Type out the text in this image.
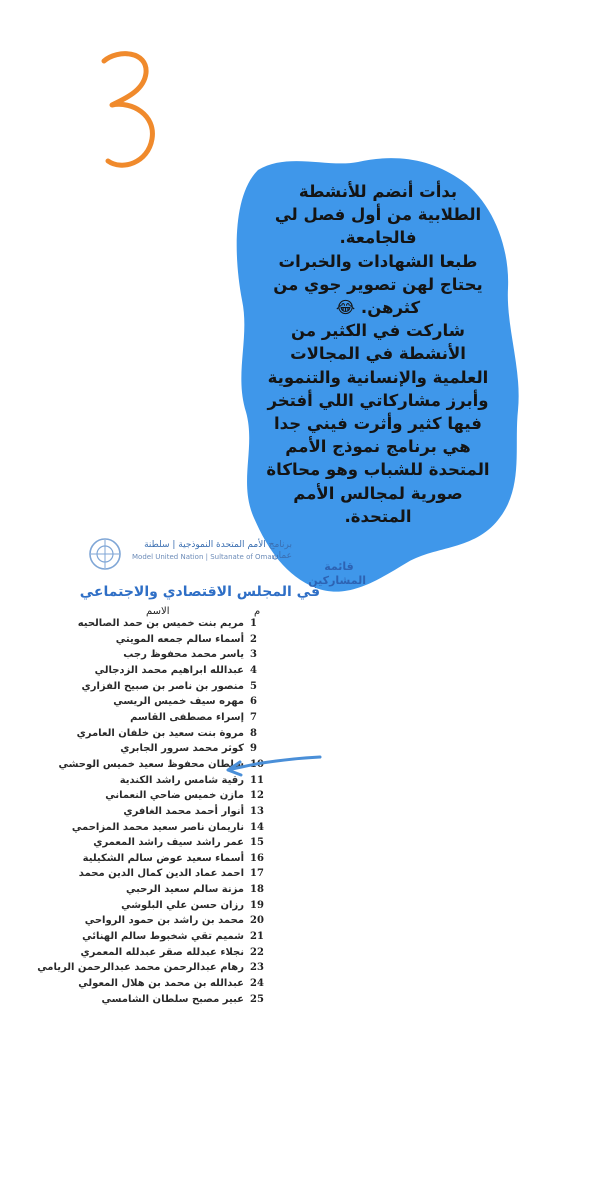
بدأت أنضم للأنشطة
الطلابية من أول فصل لي
فالجامعة.
طبعا الشهادات والخبرات
يحتاج لهن تصوير جوي من
كثرهن. 😂
شاركت في الكثير من
الأنشطة في المجالات
العلمية والإنسانية والتنموية
وأبرز مشاركاتي اللي أفتخر
فيها كثير وأثرت فيني جدا
هي برنامج نموذج الأمم
المتحدة للشباب وهو محاكاة
صورية لمجالس الأمم
المتحدة.
برنامج الأمم المتحدة النموذجية | سلطنة عمان
Model United Nation | Sultanate of Oman
قائمة
المشاركين
في المجلس الاقتصادي والاجتماعي
م
الاسم
1
مريم بنت خميس بن حمد الصالحيه
2
أسماء سالم جمعه المويتي
3
ياسر محمد محفوظ رجب
4
عبدالله ابراهيم محمد الزدجالي
5
منصور بن ناصر بن صبيح الفزاري
6
مهره سيف خميس الريسي
7
إسراء مصطفى القاسم
8
مروة بنت سعيد بن خلفان العامري
9
كوثر محمد سرور الجابري
10
سلطان محفوظ سعيد خميس الوحشي
11
رقية شامس راشد الكندية
12
مازن خميس ضاحي النعماني
13
أنوار أحمد محمد الغافري
14
ناريمان ناصر سعيد محمد المزاحمي
15
عمر راشد سيف راشد المعمري
16
أسماء سعيد عوض سالم الشكيلية
17
احمد عماد الدين كمال الدين محمد
18
مزنة سالم سعيد الرحبي
19
رزان حسن علي البلوشي
20
محمد بن راشد بن حمود الرواحي
21
شميم تقي شخبوط سالم الهنائي
22
نجلاء عبدلله صقر عبدلله المعمري
23
رهام عبدالرحمن محمد عبدالرحمن الريامي
24
عبدالله بن محمد بن هلال المعولي
25
عبير مصبح سلطان الشامسي
